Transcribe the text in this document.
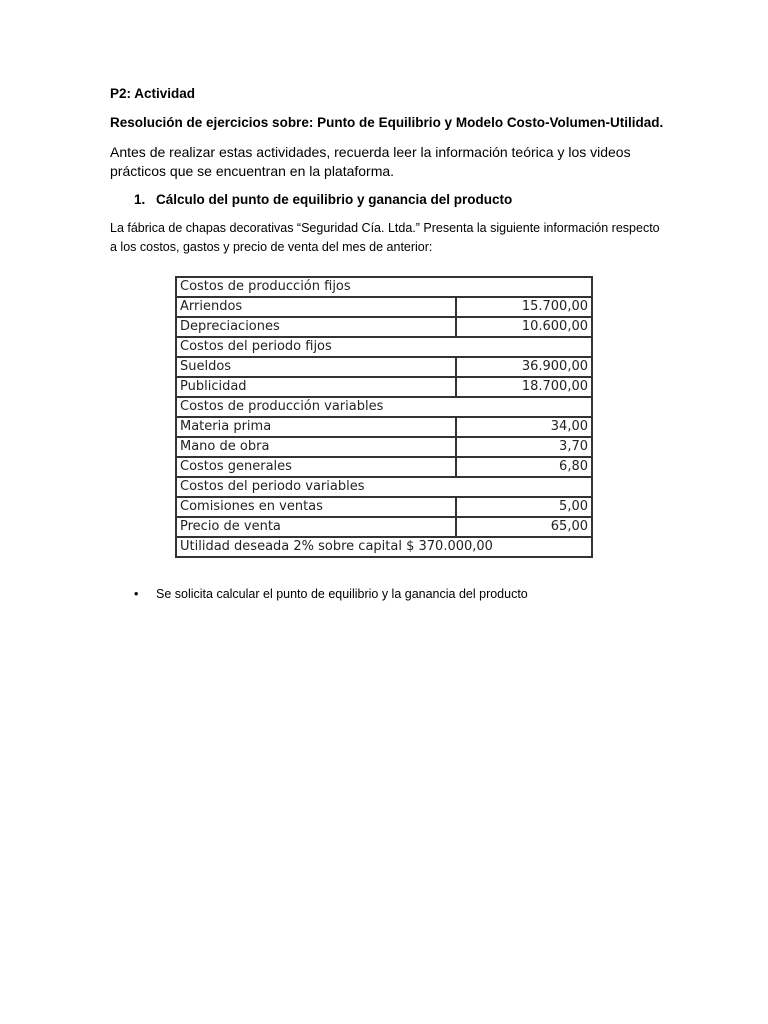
P2: Actividad
Resolución de ejercicios sobre: Punto de Equilibrio y Modelo Costo-Volumen-Utilidad.
Antes de realizar estas actividades, recuerda leer la información teórica y los videos prácticos que se encuentran en la plataforma.
1. Cálculo del punto de equilibrio y ganancia del producto
La fábrica de chapas decorativas “Seguridad Cía. Ltda.” Presenta la siguiente información respecto a los costos, gastos y precio de venta del mes de anterior:
Costos de producción fijos	
Arriendos	15.700,00
Depreciaciones	10.600,00
Costos del periodo fijos	
Sueldos	36.900,00
Publicidad	18.700,00
Costos de producción variables	
Materia prima	34,00
Mano de obra	3,70
Costos generales	6,80
Costos del periodo variables	
Comisiones en ventas	5,00
Precio de venta	65,00
Utilidad deseada 2% sobre capital $ 370.000,00	
• Se solicita calcular el punto de equilibrio y la ganancia del producto
